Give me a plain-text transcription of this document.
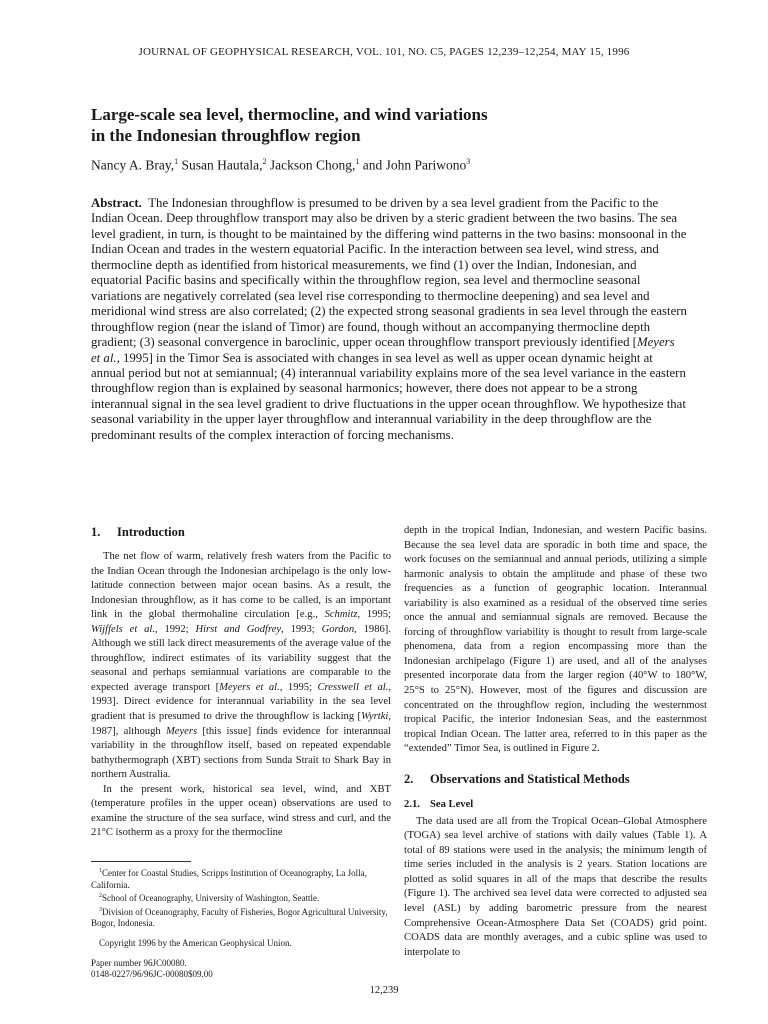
JOURNAL OF GEOPHYSICAL RESEARCH, VOL. 101, NO. C5, PAGES 12,239–12,254, MAY 15, 1996
Large-scale sea level, thermocline, and wind variations
in the Indonesian throughflow region
Nancy A. Bray,$^1$ Susan Hautala,$^2$ Jackson Chong,$^1$ and John Pariwono$^3$

Abstract. The Indonesian throughflow is presumed to be driven by a sea level gradient from the Pacific to the Indian Ocean. Deep throughflow transport may also be driven by a steric gradient between the two basins. The sea level gradient, in turn, is thought to be maintained by the differing wind patterns in the two basins: monsoonal in the Indian Ocean and trades in the western equatorial Pacific. In the interaction between sea level, wind stress, and thermocline depth as identified from historical measurements, we find (1) over the Indian, Indonesian, and equatorial Pacific basins and specifically within the throughflow region, sea level and thermocline seasonal variations are negatively correlated (sea level rise corresponding to thermocline deepening) and sea level and meridional wind stress are also correlated; (2) the expected strong seasonal gradients in sea level through the eastern throughflow region (near the island of Timor) are found, though without an accompanying thermocline depth gradient; (3) seasonal convergence in baroclinic, upper ocean throughflow transport previously identified [Meyers et al., 1995] in the Timor Sea is associated with changes in sea level as well as upper ocean dynamic height at annual period but not at semiannual; (4) interannual variability explains more of the sea level variance in the eastern throughflow region than is explained by seasonal harmonics; however, there does not appear to be a strong interannual signal in the sea level gradient to drive fluctuations in the upper ocean throughflow. We hypothesize that seasonal variability in the upper layer throughflow and interannual variability in the deep throughflow are the predominant results of the complex interaction of forcing mechanisms.

1. Introduction

The net flow of warm, relatively fresh waters from the Pacific to the Indian Ocean through the Indonesian archipelago is the only low-latitude connection between major ocean basins. As a result, the Indonesian throughflow, as it has come to be called, is an important link in the global thermohaline circulation [e.g., Schmitz, 1995; Wijffels et al., 1992; Hirst and Godfrey, 1993; Gordon, 1986]. Although we still lack direct measurements of the average value of the throughflow, indirect estimates of its variability suggest that the seasonal and perhaps semiannual variations are comparable to the expected average transport [Meyers et al., 1995; Cresswell et al., 1993]. Direct evidence for interannual variability in the sea level gradient that is presumed to drive the throughflow is lacking [Wyrtki, 1987], although Meyers [this issue] finds evidence for interannual variability in the throughflow itself, based on repeated expendable bathythermograph (XBT) sections from Sunda Strait to Shark Bay in northern Australia.

In the present work, historical sea level, wind, and XBT (temperature profiles in the upper ocean) observations are used to examine the structure of the sea surface, wind stress and curl, and the 21°C isotherm as a proxy for the thermocline

$^1$Center for Coastal Studies, Scripps Institution of Oceanography, La Jolla, California.

$^2$School of Oceanography, University of Washington, Seattle.

$^3$Division of Oceanography, Faculty of Fisheries, Bogor Agricultural University, Bogor, Indonesia.

Copyright 1996 by the American Geophysical Union.

Paper number 96JC00080.

0148-0227/96/96JC-00080$09.00

depth in the tropical Indian, Indonesian, and western Pacific basins. Because the sea level data are sporadic in both time and space, the work focuses on the semiannual and annual periods, utilizing a simple harmonic analysis to obtain the amplitude and phase of these two frequencies as a function of geographic location. Interannual variability is also examined as a residual of the observed time series once the annual and semiannual signals are removed. Because the forcing of throughflow variability is thought to result from large-scale phenomena, data from a region encompassing more than the Indonesian archipelago (Figure 1) are used, and all of the analyses presented incorporate data from the larger region (40°W to 180°W, 25°S to 25°N). However, most of the figures and discussion are concentrated on the throughflow region, including the westernmost tropical Pacific, the interior Indonesian Seas, and the easternmost tropical Indian Ocean. The latter area, referred to in this paper as the “extended” Timor Sea, is outlined in Figure 2.

2. Observations and Statistical Methods
2.1. Sea Level

The data used are all from the Tropical Ocean–Global Atmosphere (TOGA) sea level archive of stations with daily values (Table 1). A total of 89 stations were used in the analysis; the minimum length of time series included in the analysis is 2 years. Station locations are plotted as solid squares in all of the maps that describe the results (Figure 1). The archived sea level data were corrected to adjusted sea level (ASL) by adding barometric pressure from the nearest Comprehensive Ocean-Atmosphere Data Set (COADS) grid point. COADS data are monthly averages, and a cubic spline was used to interpolate to

12,239
